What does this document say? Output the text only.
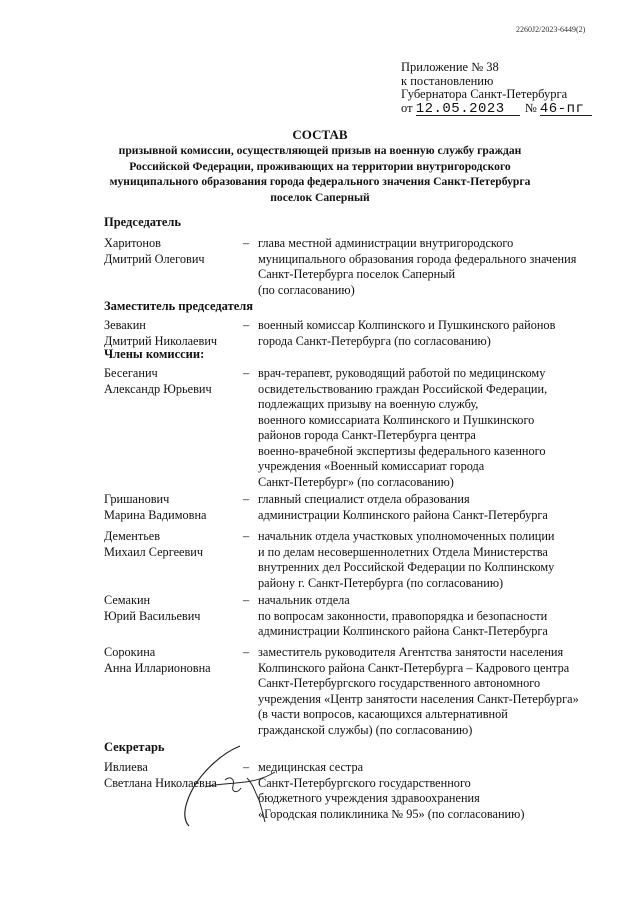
2260J2/2023-6449(2)
Приложение № 38
к постановлению
Губернатора Санкт-Петербурга
от 12.05.2023 № 46-пг
СОСТАВ
призывной комиссии, осуществляющей призыв на военную службу граждан Российской Федерации, проживающих на территории внутригородского муниципального образования города федерального значения Санкт-Петербурга поселок Саперный
Председатель
Харитонов
Дмитрий Олегович
– глава местной администрации внутригородского
муниципального образования города федерального значения
Санкт-Петербурга поселок Саперный
(по согласованию)
Заместитель председателя
Зевакин
Дмитрий Николаевич
– военный комиссар Колпинского и Пушкинского районов
города Санкт-Петербурга (по согласованию)
Члены комиссии:
Бесеганич
Александр Юрьевич
– врач-терапевт, руководящий работой по медицинскому
освидетельствованию граждан Российской Федерации,
подлежащих призыву на военную службу,
военного комиссариата Колпинского и Пушкинского
районов города Санкт-Петербурга центра
военно-врачебной экспертизы федерального казенного
учреждения «Военный комиссариат города
Санкт-Петербург» (по согласованию)
Гришанович
Марина Вадимовна
– главный специалист отдела образования
администрации Колпинского района Санкт-Петербурга
Дементьев
Михаил Сергеевич
– начальник отдела участковых уполномоченных полиции
и по делам несовершеннолетних Отдела Министерства
внутренних дел Российской Федерации по Колпинскому
району г. Санкт-Петербурга (по согласованию)
Семакин
Юрий Васильевич
– начальник отдела
по вопросам законности, правопорядка и безопасности
администрации Колпинского района Санкт-Петербурга
Сорокина
Анна Илларионовна
– заместитель руководителя Агентства занятости населения
Колпинского района Санкт-Петербурга – Кадрового центра
Санкт-Петербургского государственного автономного
учреждения «Центр занятости населения Санкт-Петербурга»
(в части вопросов, касающихся альтернативной
гражданской службы) (по согласованию)
Секретарь
Ивлиева
Светлана Николаевна
– медицинская сестра
Санкт-Петербургского государственного
бюджетного учреждения здравоохранения
«Городская поликлиника № 95» (по согласованию)
